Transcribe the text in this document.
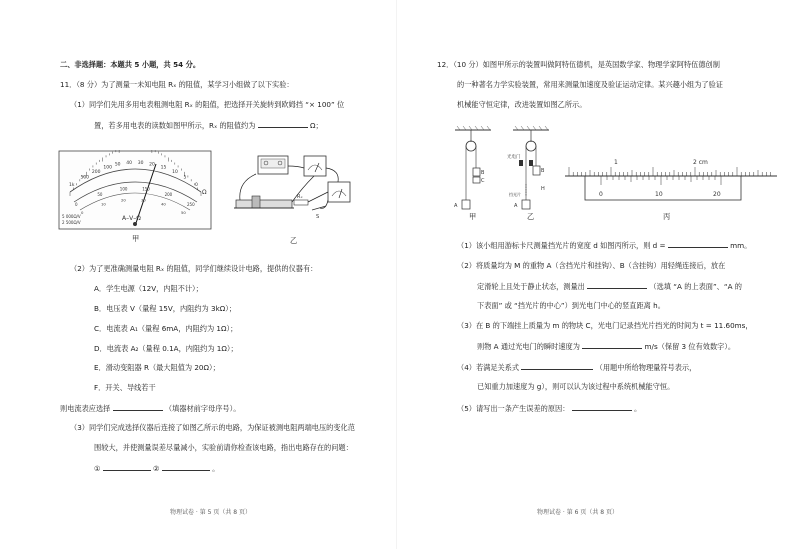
二、非选择题：本题共 5 小题，共 54 分。
11．（8 分）为了测量一未知电阻 Rₓ 的阻值，某学习小组做了以下实验：
（1）同学们先用多用电表粗测电阻 Rₓ 的阻值，把选择开关旋转到欧姆挡 “× 100” 位
置，若多用电表的读数如图甲所示，Rₓ 的阻值约为	Ω；
1k
500
200
100
50 40 30 20
15
10
5
0
0
50
100	150
200
250
0
10
20	30
40
50
Ω
A–V–Ω
5 000Ω/V
2 500Ω/V
甲
Rₓ
S
乙
（2）为了更准确测量电阻 Rₓ 的阻值，同学们继续设计电路，提供的仪器有：
A．学生电源（12V，内阻不计）；
B．电压表 V（量程 15V，内阻约为 3kΩ）；
C．电流表 A₁（量程 6mA，内阻约为 1Ω）；
D．电流表 A₂（量程 0.1A，内阻约为 1Ω）；
E．滑动变阻器 R（最大阻值为 20Ω）；
F．开关、导线若干
则电流表应选择	（填器材前字母序号）。
（3）同学们完成选择仪器后连接了如图乙所示的电路，为保证被测电阻两端电压的变化范
围较大，并使测量误差尽量减小，实验前请你检查该电路，指出电路存在的问题：
①	②	。
物理试卷 · 第 5 页（共 8 页）
12．（10 分）如图甲所示的装置叫做阿特伍德机，是英国数学家、物理学家阿特伍德创制
的一种著名力学实验装置，常用来测量加速度及验证运动定律。某兴趣小组为了验证
机械能守恒定律，改进装置如图乙所示。
B
C
A
B
H
A
光电门
挡光片
甲	乙
1	2 cm
0	10	20
丙
（1）该小组用游标卡尺测量挡光片的宽度 d 如图丙所示，则 d =	mm。
（2）将质量均为 M 的重物 A（含挡光片和挂钩）、B（含挂钩）用轻绳连接后，放在
定滑轮上且处于静止状态，测量出	（选填 “A 的上表面”、“A 的
下表面” 或 “挡光片的中心”）到光电门中心的竖直距离 h。
（3）在 B 的下端挂上质量为 m 的物块 C，光电门记录挡光片挡光的时间为 t = 11.60ms，
则物 A 通过光电门的瞬时速度为	m/s（保留 3 位有效数字）。
（4）若满足关系式	（用题中所给物理量符号表示，
已知重力加速度为 g），则可以认为该过程中系统机械能守恒。
（5）请写出一条产生误差的原因：	。
物理试卷 · 第 6 页（共 8 页）
